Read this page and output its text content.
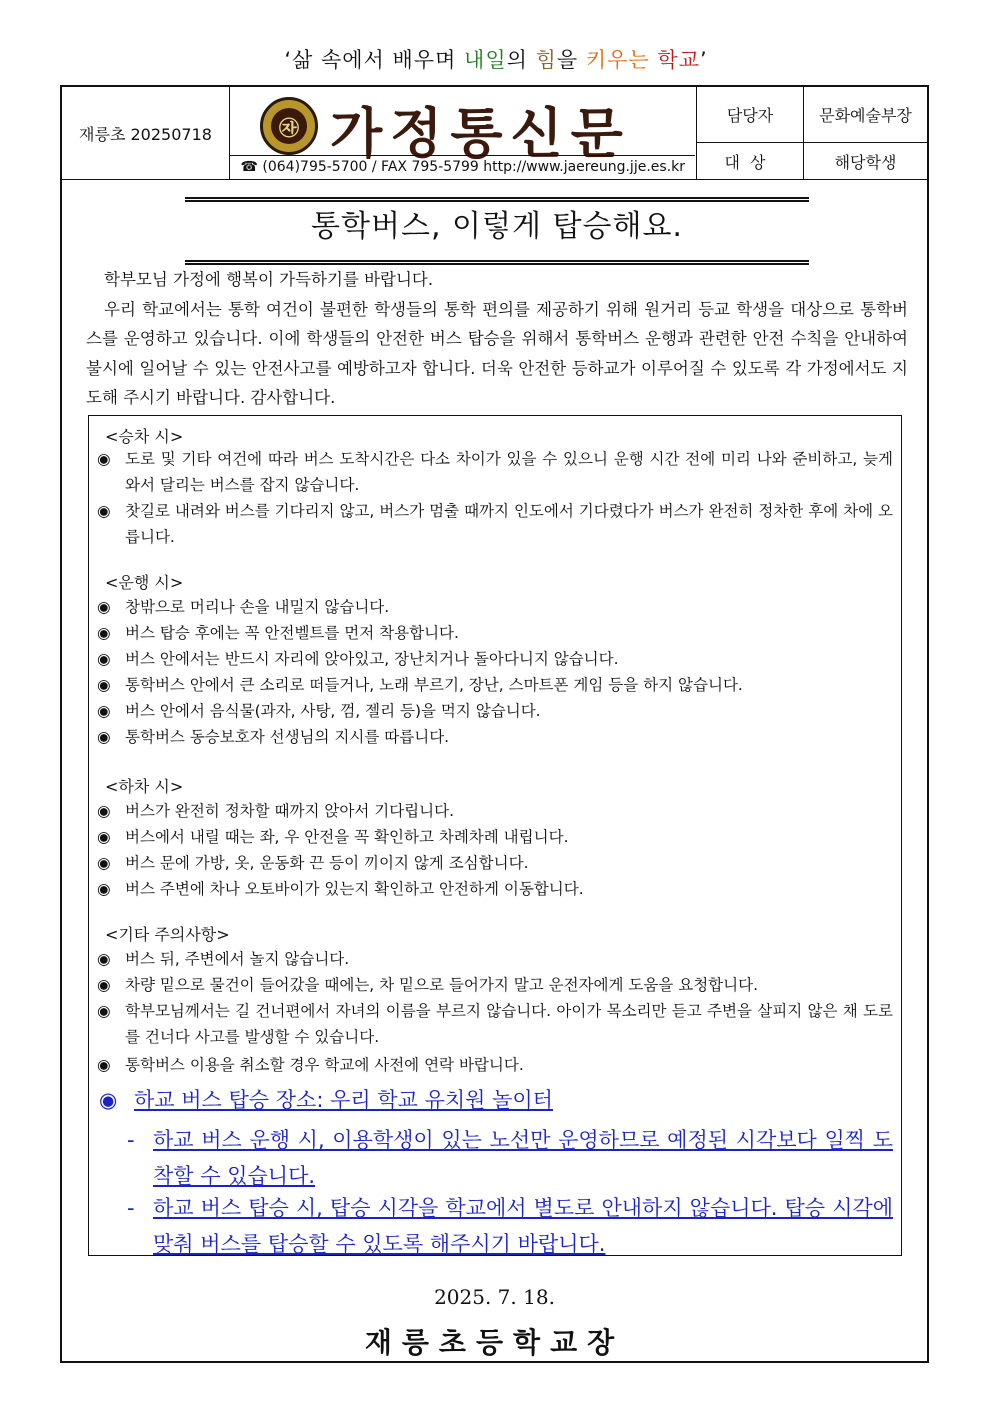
‘삶 속에서 배우며 내일의 힘을 키우는 학교’
재릉초 20250718	㉶ 가정통신문
☎ (064)795-5700 / FAX 795-5799 http://www.jaereung.jje.es.kr
담당자	문화예술부장
대상	해당학생
통학버스, 이렇게 탑승해요.

학부모님 가정에 행복이 가득하기를 바랍니다.

우리 학교에서는 통학 여건이 불편한 학생들의 통학 편의를 제공하기 위해 원거리 등교 학생을 대상으로 통학버스를 운영하고 있습니다. 이에 학생들의 안전한 버스 탑승을 위해서 통학버스 운행과 관련한 안전 수칙을 안내하여 불시에 일어날 수 있는 안전사고를 예방하고자 합니다. 더욱 안전한 등하교가 이루어질 수 있도록 각 가정에서도 지도해 주시기 바랍니다. 감사합니다.

<승차 시>
◉ 도로 및 기타 여건에 따라 버스 도착시간은 다소 차이가 있을 수 있으니 운행 시간 전에 미리 나와 준비하고, 늦게 와서 달리는 버스를 잡지 않습니다.
◉ 찻길로 내려와 버스를 기다리지 않고, 버스가 멈출 때까지 인도에서 기다렸다가 버스가 완전히 정차한 후에 차에 오릅니다.
<운행 시>
◉ 창밖으로 머리나 손을 내밀지 않습니다.
◉ 버스 탑승 후에는 꼭 안전벨트를 먼저 착용합니다.
◉ 버스 안에서는 반드시 자리에 앉아있고, 장난치거나 돌아다니지 않습니다.
◉ 통학버스 안에서 큰 소리로 떠들거나, 노래 부르기, 장난, 스마트폰 게임 등을 하지 않습니다.
◉ 버스 안에서 음식물(과자, 사탕, 껌, 젤리 등)을 먹지 않습니다.
◉ 통학버스 동승보호자 선생님의 지시를 따릅니다.
<하차 시>
◉ 버스가 완전히 정차할 때까지 앉아서 기다립니다.
◉ 버스에서 내릴 때는 좌, 우 안전을 꼭 확인하고 차례차례 내립니다.
◉ 버스 문에 가방, 옷, 운동화 끈 등이 끼이지 않게 조심합니다.
◉ 버스 주변에 차나 오토바이가 있는지 확인하고 안전하게 이동합니다.
<기타 주의사항>
◉ 버스 뒤, 주변에서 놀지 않습니다.
◉ 차량 밑으로 물건이 들어갔을 때에는, 차 밑으로 들어가지 말고 운전자에게 도움을 요청합니다.
◉ 학부모님께서는 길 건너편에서 자녀의 이름을 부르지 않습니다. 아이가 목소리만 듣고 주변을 살피지 않은 채 도로를 건너다 사고를 발생할 수 있습니다.
◉ 통학버스 이용을 취소할 경우 학교에 사전에 연락 바랍니다.
◉ 하교 버스 탑승 장소: 우리 학교 유치원 놀이터
- 하교 버스 운행 시, 이용학생이 있는 노선만 운영하므로 예정된 시각보다 일찍 도착할 수 있습니다.
- 하교 버스 탑승 시, 탑승 시각을 학교에서 별도로 안내하지 않습니다. 탑승 시각에 맞춰 버스를 탑승할 수 있도록 해주시기 바랍니다.
2025. 7. 18.
재릉초등학교장
